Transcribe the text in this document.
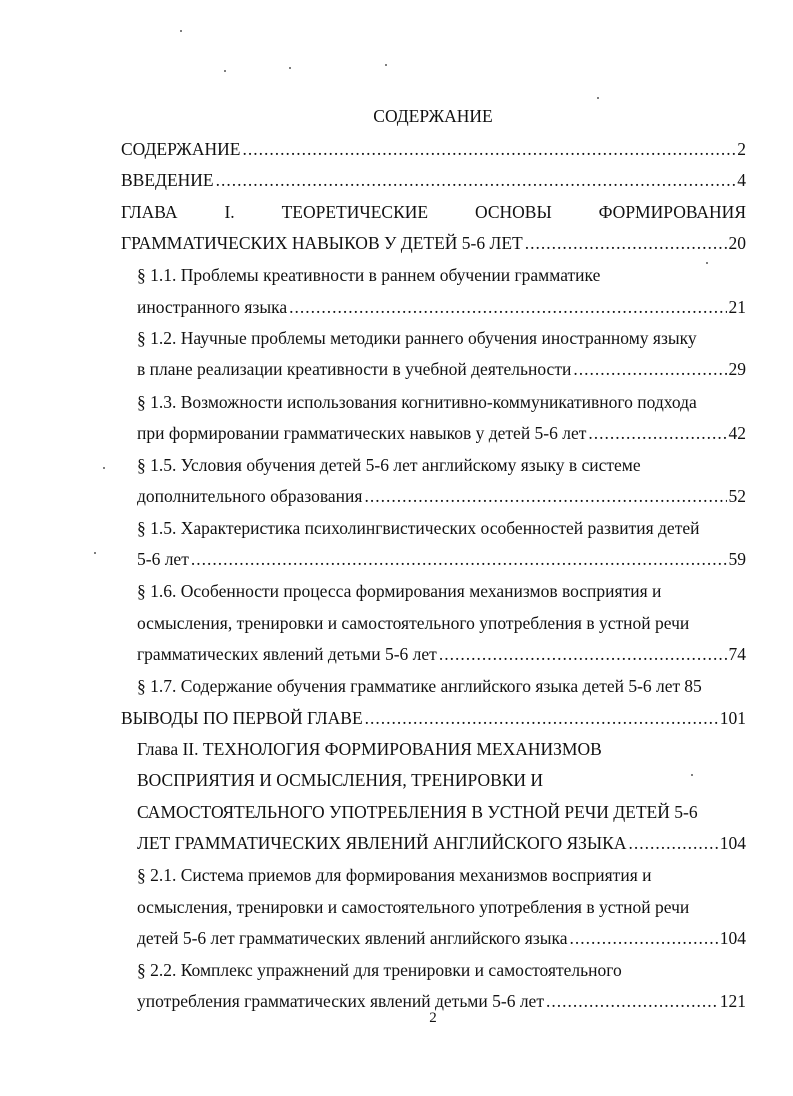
СОДЕРЖАНИЕ
СОДЕРЖАНИЕ .....	2
ВВЕДЕНИЕ .....	4
ГЛАВА I. ТЕОРЕТИЧЕСКИЕ ОСНОВЫ ФОРМИРОВАНИЯ
ГРАММАТИЧЕСКИХ НАВЫКОВ У ДЕТЕЙ 5-6 ЛЕТ .....	20
§ 1.1. Проблемы креативности в раннем обучении грамматике
иностранного языка .....	21
§ 1.2. Научные проблемы методики раннего обучения иностранному языку
в плане реализации креативности в учебной деятельности .....	29
§ 1.3. Возможности использования когнитивно-коммуникативного подхода
при формировании грамматических навыков у детей 5-6 лет .....	42
§ 1.5. Условия обучения детей 5-6 лет английскому языку в системе
дополнительного образования .....	52
§ 1.5. Характеристика психолингвистических особенностей развития детей
5-6 лет .....	59
§ 1.6. Особенности процесса формирования механизмов восприятия и
осмысления, тренировки и самостоятельного употребления в устной речи
грамматических явлений детьми 5-6 лет .....	74
§ 1.7. Содержание обучения грамматике английского языка детей 5-6 лет 85
ВЫВОДЫ ПО ПЕРВОЙ ГЛАВЕ .....	101
Глава II. ТЕХНОЛОГИЯ ФОРМИРОВАНИЯ МЕХАНИЗМОВ
ВОСПРИЯТИЯ И ОСМЫСЛЕНИЯ, ТРЕНИРОВКИ И
САМОСТОЯТЕЛЬНОГО УПОТРЕБЛЕНИЯ В УСТНОЙ РЕЧИ ДЕТЕЙ 5-6
ЛЕТ ГРАММАТИЧЕСКИХ ЯВЛЕНИЙ АНГЛИЙСКОГО ЯЗЫКА .....	104
§ 2.1. Система приемов для формирования механизмов восприятия и
осмысления, тренировки и самостоятельного употребления в устной речи
детей 5-6 лет грамматических явлений английского языка .....	104
§ 2.2. Комплекс упражнений для тренировки и самостоятельного
употребления грамматических явлений детьми 5-6 лет .....	121
2
